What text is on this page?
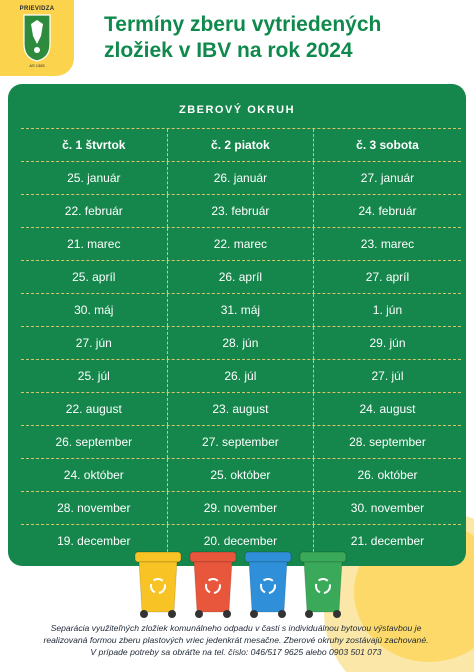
PRIEVIDZA
AS 1383
Termíny zberu vytriedených
zložiek v IBV na rok 2024
ZBEROVÝ OKRUH
č. 1 štvrtok	č. 2 piatok	č. 3 sobota
25. január	26. január	27. január
22. február	23. február	24. február
21. marec	22. marec	23. marec
25. apríl	26. apríl	27. apríl
30. máj	31. máj	1. jún
27. jún	28. jún	29. jún
25. júl	26. júl	27. júl
22. august	23. august	24. august
26. september	27. september	28. september
24. október	25. október	26. október
28. november	29. november	30. november
19. december	20. december	21. december
Separácia využiteľných zložiek komunálneho odpadu v časti s individuálnou bytovou výstavbou je
realizovaná formou zberu plastových vriec jedenkrát mesačne. Zberové okruhy zostávajú zachované.
V prípade potreby sa obráťte na tel. číslo: 046/517 9625 alebo 0903 501 073
